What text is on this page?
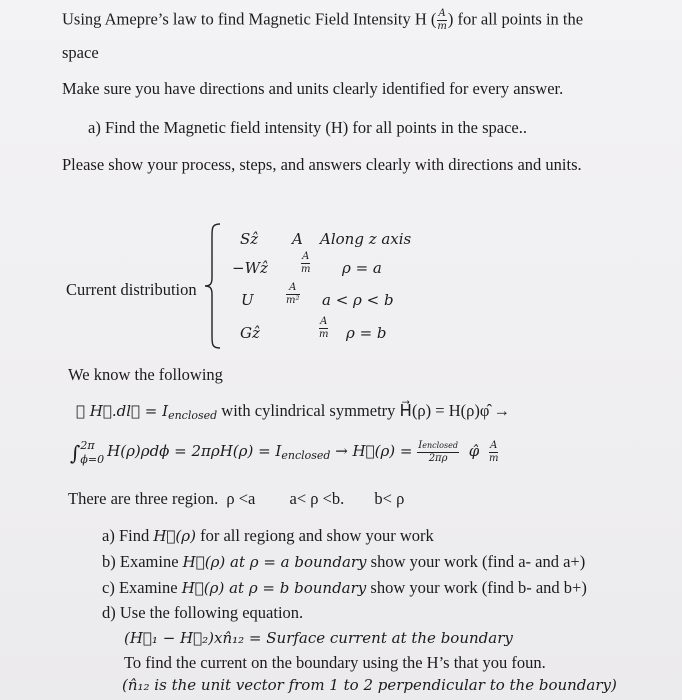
Using Amepre’s law to find Magnetic Field Intensity H ( $\frac{A}{m}$ ) for all points in the
space
Make sure you have directions and units clearly identified for every answer.
a) Find the Magnetic field intensity (H) for all points in the space..
Please show your process, steps, and answers clearly with directions and units.
Current distribution
Sẑ A Along z axis
−Wẑ	$\frac{A}{m}$ ρ = a
U	$\frac{A}{\text{m²}}$ a < ρ < b
Gẑ	$\frac{A}{m}$ ρ = b
We know the following
∮ H⃗.dl⃗ = $I_{enclosed}$ with cylindrical symmetry H⃗(ρ) = H(ρ)φ̂ →
∫ 2π
ϕ=0 $H(\rho)\rho d\phi = 2\pi\rho H(\rho) = I_{enclosed}$ → H⃗(ρ) = $\frac{\text{Ienclosed}}{2\pi\rho}$ φ̂ $\frac{A}{m}$
There are three region. ρ <a a< ρ <b. b< ρ
a) Find H⃗(ρ) for all regiong and show your work
b) Examine H⃗(ρ) at ρ = a boundary show your work (find a- and a+)
c) Examine H⃗(ρ) at ρ = b boundary show your work (find b- and b+)
d) Use the following equation.
(H⃗₁ − H⃗₂)xn̂₁₂ = Surface current at the boundary
To find the current on the boundary using the H’s that you foun.
(n̂₁₂ is the unit vector from 1 to 2 perpendicular to the boundary)
